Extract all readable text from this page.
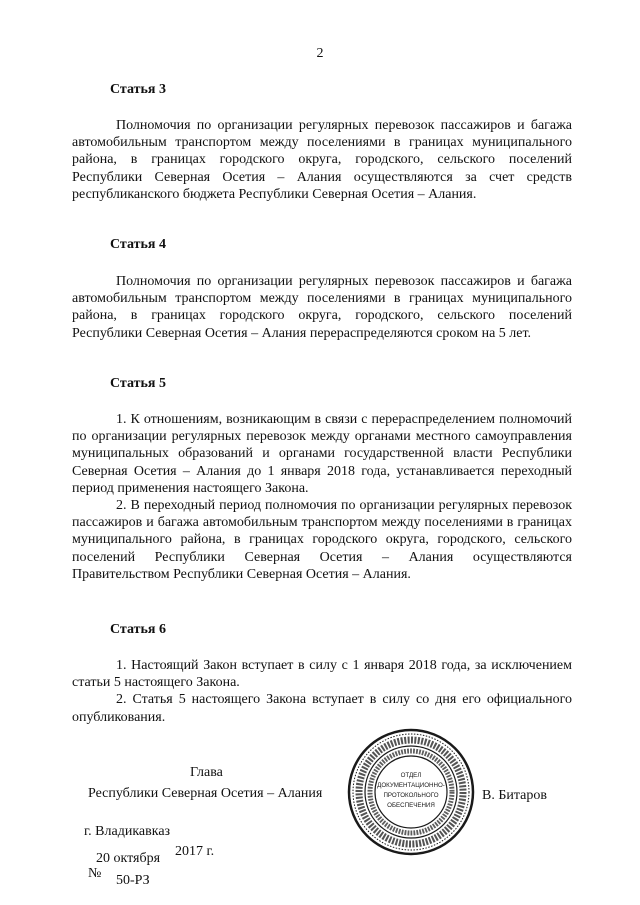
2
Статья 3

Полномочия по организации регулярных перевозок пассажиров и багажа автомобильным транспортом между поселениями в границах муниципального района, в границах городского округа, городского, сельского поселений Республики Северная Осетия – Алания осуществляются за счет средств республиканского бюджета Республики Северная Осетия – Алания.

Статья 4

Полномочия по организации регулярных перевозок пассажиров и багажа автомобильным транспортом между поселениями в границах муниципального района, в границах городского округа, городского, сельского поселений Республики Северная Осетия – Алания перераспределяются сроком на 5 лет.

Статья 5

1. К отношениям, возникающим в связи с перераспределением полномочий по организации регулярных перевозок между органами местного самоуправления муниципальных образований и органами государственной власти Республики Северная Осетия – Алания до 1 января 2018 года, устанавливается переходный период применения настоящего Закона.

2. В переходный период полномочия по организации регулярных перевозок пассажиров и багажа автомобильным транспортом между поселениями в границах муниципального района, в границах городского округа, городского, сельского поселений Республики Северная Осетия – Алания осуществляются Правительством Республики Северная Осетия – Алания.

Статья 6

1. Настоящий Закон вступает в силу с 1 января 2018 года, за исключением статьи 5 настоящего Закона.

2. Статья 5 настоящего Закона вступает в силу со дня его официального опубликования.

Глава
Республики Северная Осетия – Алания	В. Битаров
ОТДЕЛ
ДОКУМЕНТАЦИОННО-
ПРОТОКОЛЬНОГО
ОБЕСПЕЧЕНИЯ
г. Владикавказ
20 октября 2017 г.
№ 50-РЗ
